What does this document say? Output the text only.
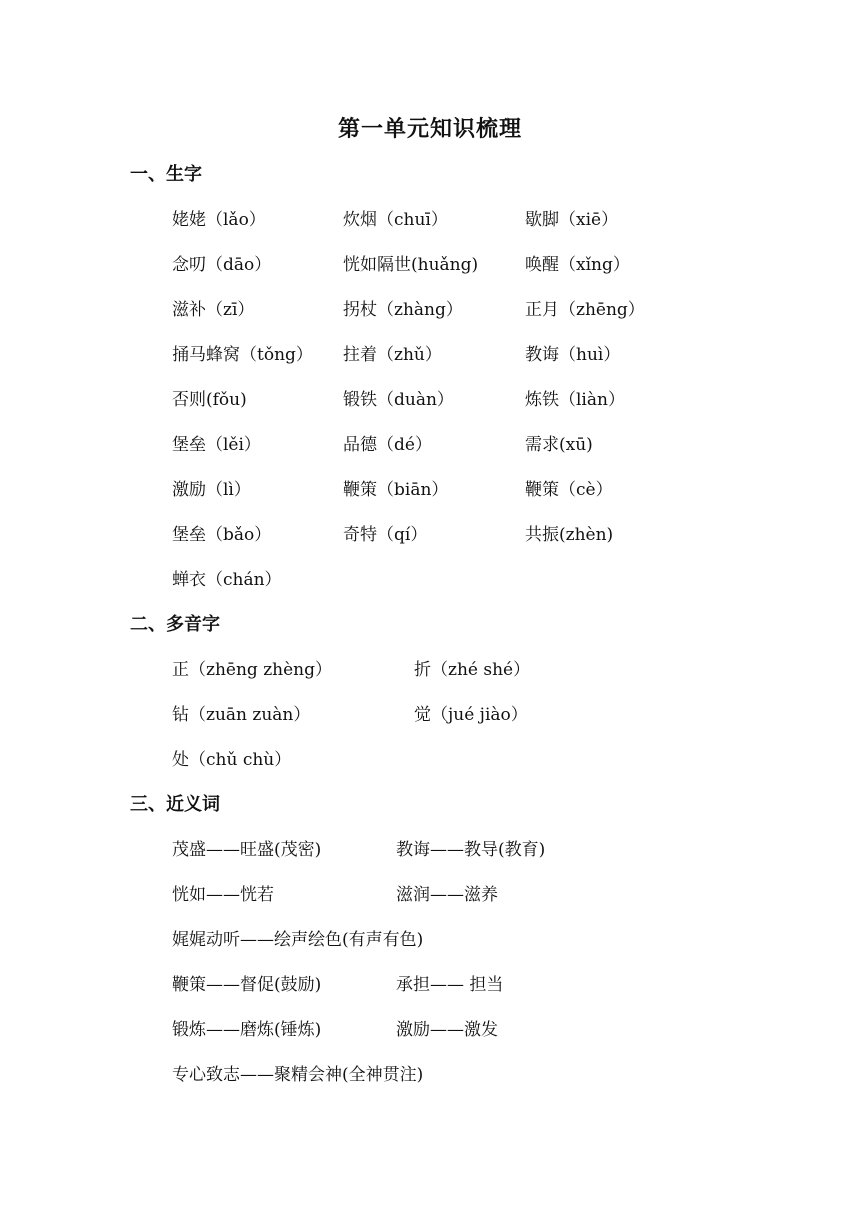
第一单元知识梳理
一、生字
姥姥（lǎo）	炊烟（chuī）	歇脚（xiē）
念叨（dāo）	恍如隔世(huǎng)	唤醒（xǐng）
滋补（zī）	拐杖（zhàng）	正月（zhēng）
捅马蜂窝（tǒng） 拄着（zhǔ）	教诲（huì）
否则(fǒu)	锻铁（duàn）	炼铁（liàn）
堡垒（lěi）	品德（dé）	需求(xū)
激励（lì）	鞭策（biān）	鞭策（cè）
堡垒（bǎo）	奇特（qí）	共振(zhèn)
蝉衣（chán）
二、多音字
正（zhēng zhèng）	折（zhé shé）
钻（zuān zuàn）	觉（jué jiào）
处（chǔ chù）
三、近义词
茂盛——旺盛(茂密)	教诲——教导(教育)
恍如——恍若	滋润——滋养
娓娓动听——绘声绘色(有声有色)
鞭策——督促(鼓励)	承担—— 担当
锻炼——磨炼(锤炼)	激励——激发
专心致志——聚精会神(全神贯注)
